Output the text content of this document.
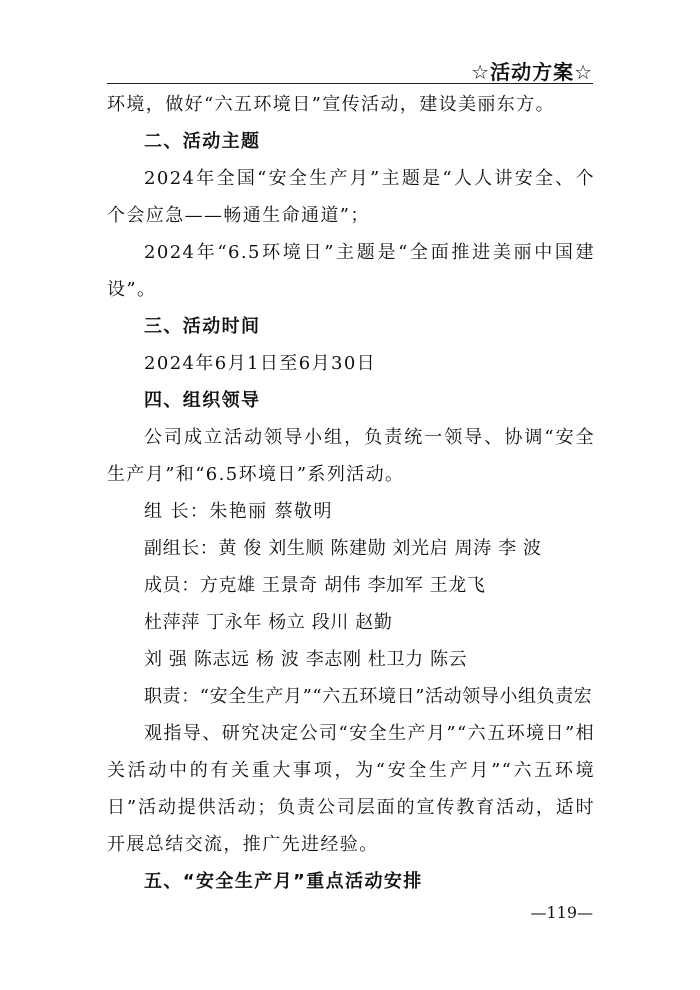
☆活动方案☆

环境，做好“六五环境日”宣传活动，建设美丽东方。

二、活动主题

2024年全国“安全生产月”主题是“人人讲安全、个个会应急——畅通生命通道”；

2024年“6.5环境日”主题是“全面推进美丽中国建设”。

三、活动时间

2024年6月1日至6月30日

四、组织领导

公司成立活动领导小组，负责统一领导、协调“安全生产月”和“6.5环境日”系列活动。

组 长：朱艳丽 蔡敬明

副组长：黄 俊 刘生顺 陈建勋 刘光启 周涛 李 波

成员：方克雄 王景奇 胡伟 李加军 王龙飞

杜萍萍 丁永年 杨立 段川 赵勤

刘 强 陈志远 杨 波 李志刚 杜卫力 陈云

职责：“安全生产月”“六五环境日”活动领导小组负责宏

观指导、研究决定公司“安全生产月”“六五环境日”相关活动中的有关重大事项，为“安全生产月”“六五环境日”活动提供活动；负责公司层面的宣传教育活动，适时开展总结交流，推广先进经验。

五、“安全生产月”重点活动安排

—119—
